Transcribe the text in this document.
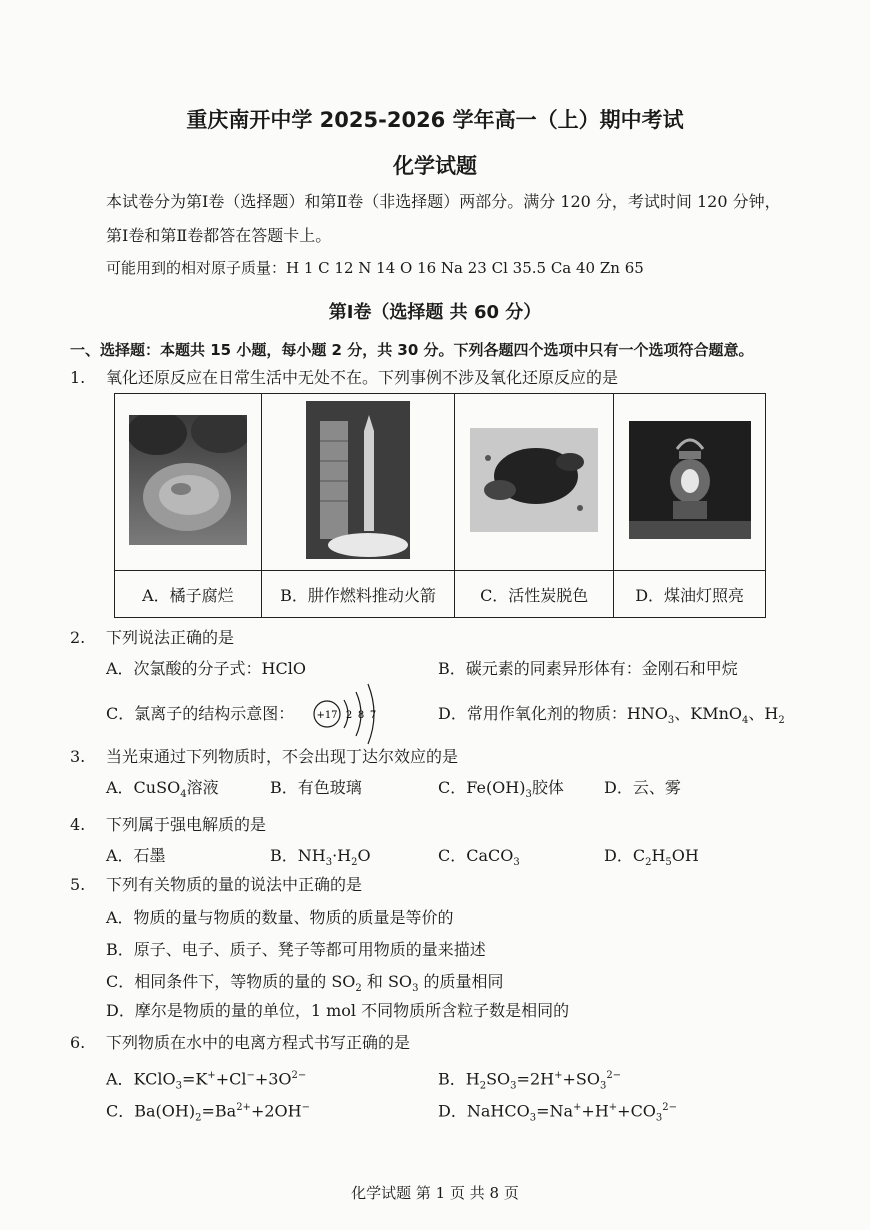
重庆南开中学 2025-2026 学年高一（上）期中考试
化学试题
本试卷分为第Ⅰ卷（选择题）和第Ⅱ卷（非选择题）两部分。满分 120 分，考试时间 120 分钟，
第Ⅰ卷和第Ⅱ卷都答在答题卡上。
可能用到的相对原子质量：H 1 C 12 N 14 O 16 Na 23 Cl 35.5 Ca 40 Zn 65
第Ⅰ卷（选择题 共 60 分）
一、选择题：本题共 15 小题，每小题 2 分，共 30 分。下列各题四个选项中只有一个选项符合题意。
1. 氧化还原反应在日常生活中无处不在。下列事例不涉及氧化还原反应的是

A．橘子腐烂	B．肼作燃料推动火箭	C．活性炭脱色	D．煤油灯照亮
2. 下列说法正确的是
A．次氯酸的分子式：HClO	B．碳元素的同素异形体有：金刚石和甲烷
C．氯离子的结构示意图： +17 2 8 7	D．常用作氧化剂的物质：$HNO_3$、KMnO$_4$、$H_2$
3. 当光束通过下列物质时，不会出现丁达尔效应的是
A．CuSO$_4$溶液	B．有色玻璃	C．$Fe(OH)_3$胶体	D．云、雾
4. 下列属于强电解质的是
A．石墨	B．$NH_3\cdot H_2O$	C．CaCO$_3$	D．$C_2H_5OH$
5. 下列有关物质的量的说法中正确的是
A．物质的量与物质的数量、物质的质量是等价的
B．原子、电子、质子、凳子等都可用物质的量来描述
C．相同条件下，等物质的量的 $SO_2$ 和 $SO_3$ 的质量相同
D．摩尔是物质的量的单位，1 mol 不同物质所含粒子数是相同的
6. 下列物质在水中的电离方程式书写正确的是
A．$KClO_3=K^++Cl^-+3O^{2-}$	B．$H_2SO_3=2H^++SO_3^{2-}$
C．$Ba(OH)_2=Ba^{2+}+2OH^-$	D．$NaHCO_3=Na^++H^++CO_3^{2-}$
化学试题 第 1 页 共 8 页
